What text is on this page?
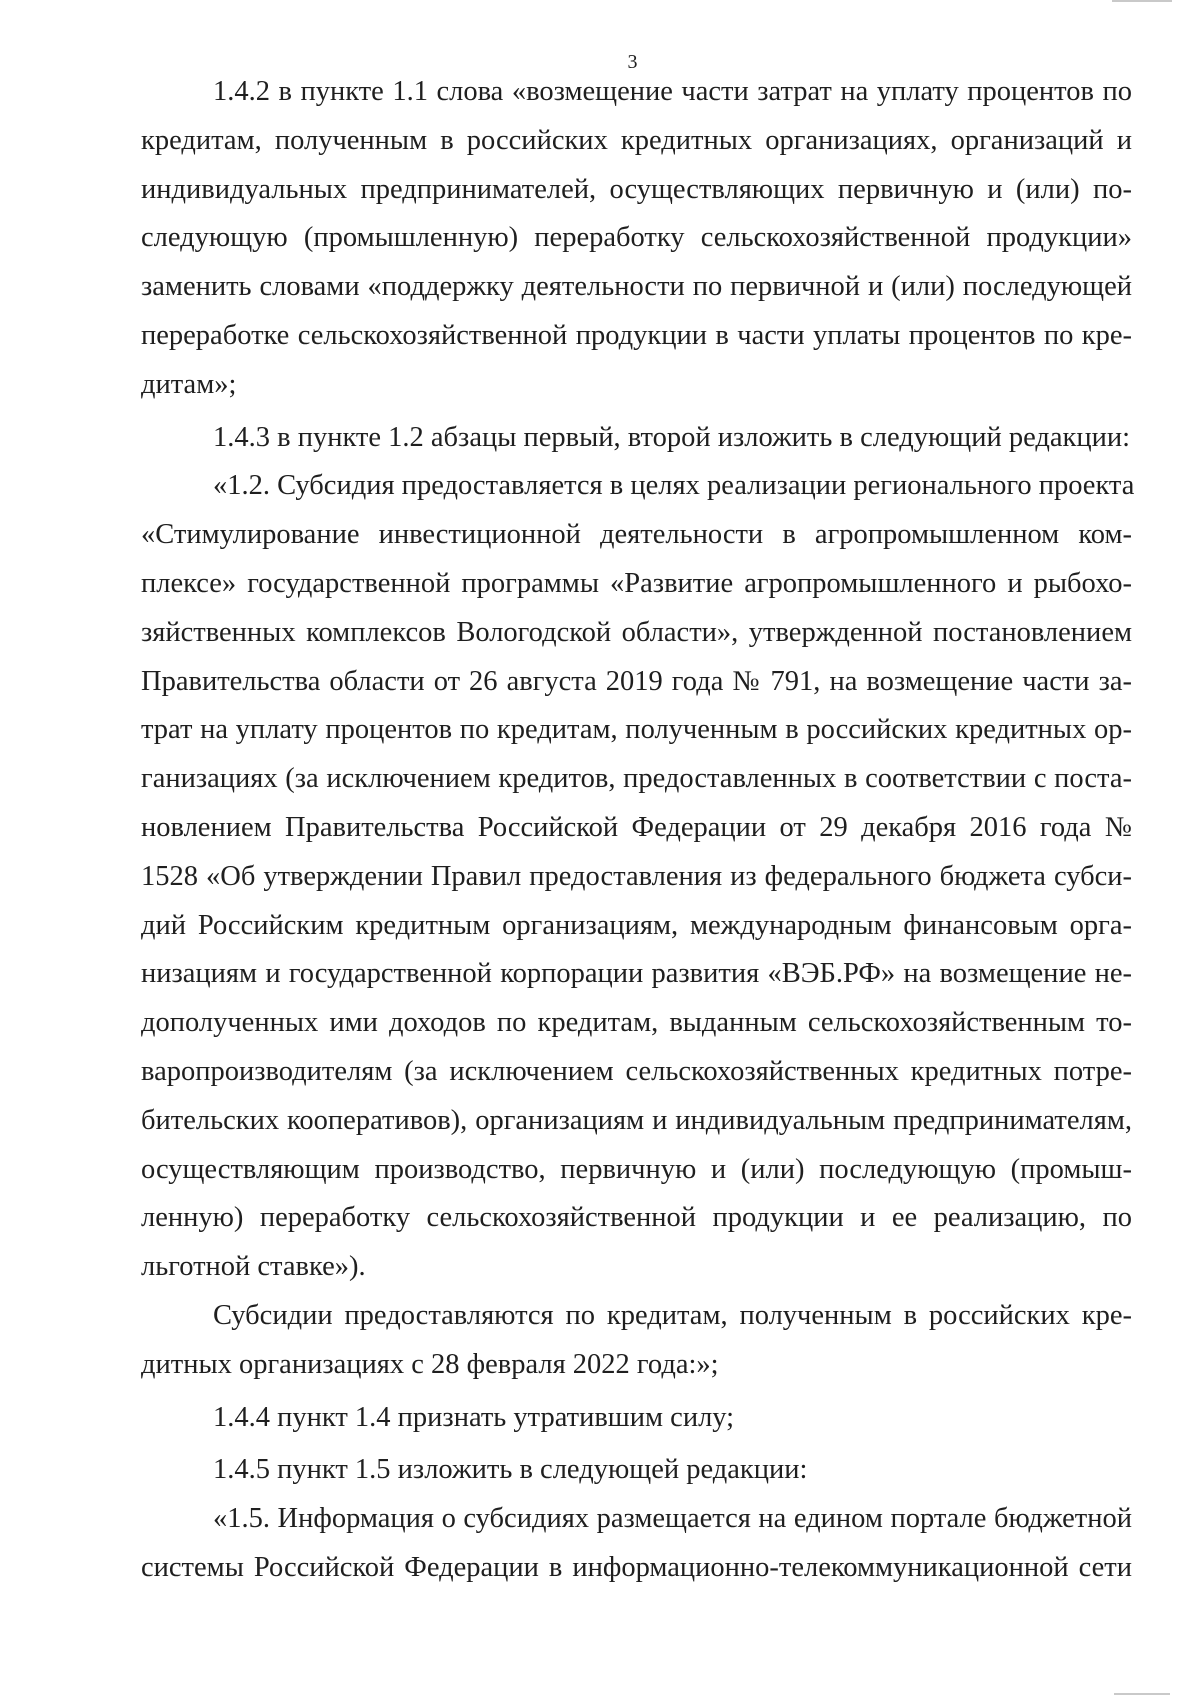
3
1.4.2 в пункте 1.1 слова «возмещение части затрат на уплату процентов по
кредитам, полученным в российских кредитных организациях, организаций и
индивидуальных предпринимателей, осуществляющих первичную и (или) по-
следующую (промышленную) переработку сельскохозяйственной продукции»
заменить словами «поддержку деятельности по первичной и (или) последующей
переработке сельскохозяйственной продукции в части уплаты процентов по кре-
дитам»;
1.4.3 в пункте 1.2 абзацы первый, второй изложить в следующий редакции:
«1.2. Субсидия предоставляется в целях реализации регионального проекта
«Стимулирование инвестиционной деятельности в агропромышленном ком-
плексе» государственной программы «Развитие агропромышленного и рыбохо-
зяйственных комплексов Вологодской области», утвержденной постановлением
Правительства области от 26 августа 2019 года № 791, на возмещение части за-
трат на уплату процентов по кредитам, полученным в российских кредитных ор-
ганизациях (за исключением кредитов, предоставленных в соответствии с поста-
новлением Правительства Российской Федерации от 29 декабря 2016 года №
1528 «Об утверждении Правил предоставления из федерального бюджета субси-
дий Российским кредитным организациям, международным финансовым орга-
низациям и государственной корпорации развития «ВЭБ.РФ» на возмещение не-
дополученных ими доходов по кредитам, выданным сельскохозяйственным то-
варопроизводителям (за исключением сельскохозяйственных кредитных потре-
бительских кооперативов), организациям и индивидуальным предпринимателям,
осуществляющим производство, первичную и (или) последующую (промыш-
ленную) переработку сельскохозяйственной продукции и ее реализацию, по
льготной ставке»).
Субсидии предоставляются по кредитам, полученным в российских кре-
дитных организациях с 28 февраля 2022 года:»;
1.4.4 пункт 1.4 признать утратившим силу;
1.4.5 пункт 1.5 изложить в следующей редакции:
«1.5. Информация о субсидиях размещается на едином портале бюджетной
системы Российской Федерации в информационно-телекоммуникационной сети
